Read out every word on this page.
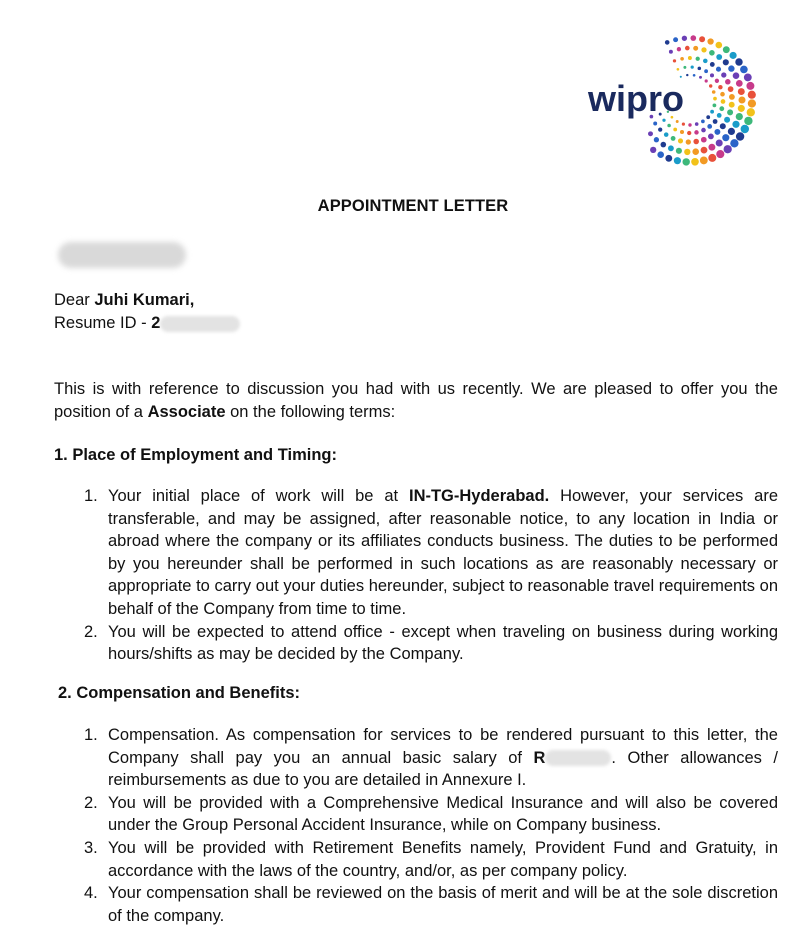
wipro
APPOINTMENT LETTER
Dear Juhi Kumari,
Resume ID - 2
This is with reference to discussion you had with us recently. We are pleased to offer you the position of a Associate on the following terms:
1. Place of Employment and Timing:
1. Your initial place of work will be at IN-TG-Hyderabad. However, your services are transferable, and may be assigned, after reasonable notice, to any location in India or abroad where the company or its affiliates conducts business. The duties to be performed by you hereunder shall be performed in such locations as are reasonably necessary or appropriate to carry out your duties hereunder, subject to reasonable travel requirements on behalf of the Company from time to time.
2. You will be expected to attend office - except when traveling on business during working hours/shifts as may be decided by the Company.
2. Compensation and Benefits:
1. Compensation. As compensation for services to be rendered pursuant to this letter, the Company shall pay you an annual basic salary of R	. Other allowances / reimbursements as due to you are detailed in Annexure I.
2. You will be provided with a Comprehensive Medical Insurance and will also be covered under the Group Personal Accident Insurance, while on Company business.
3. You will be provided with Retirement Benefits namely, Provident Fund and Gratuity, in accordance with the laws of the country, and/or, as per company policy.
4. Your compensation shall be reviewed on the basis of merit and will be at the sole discretion of the company.
